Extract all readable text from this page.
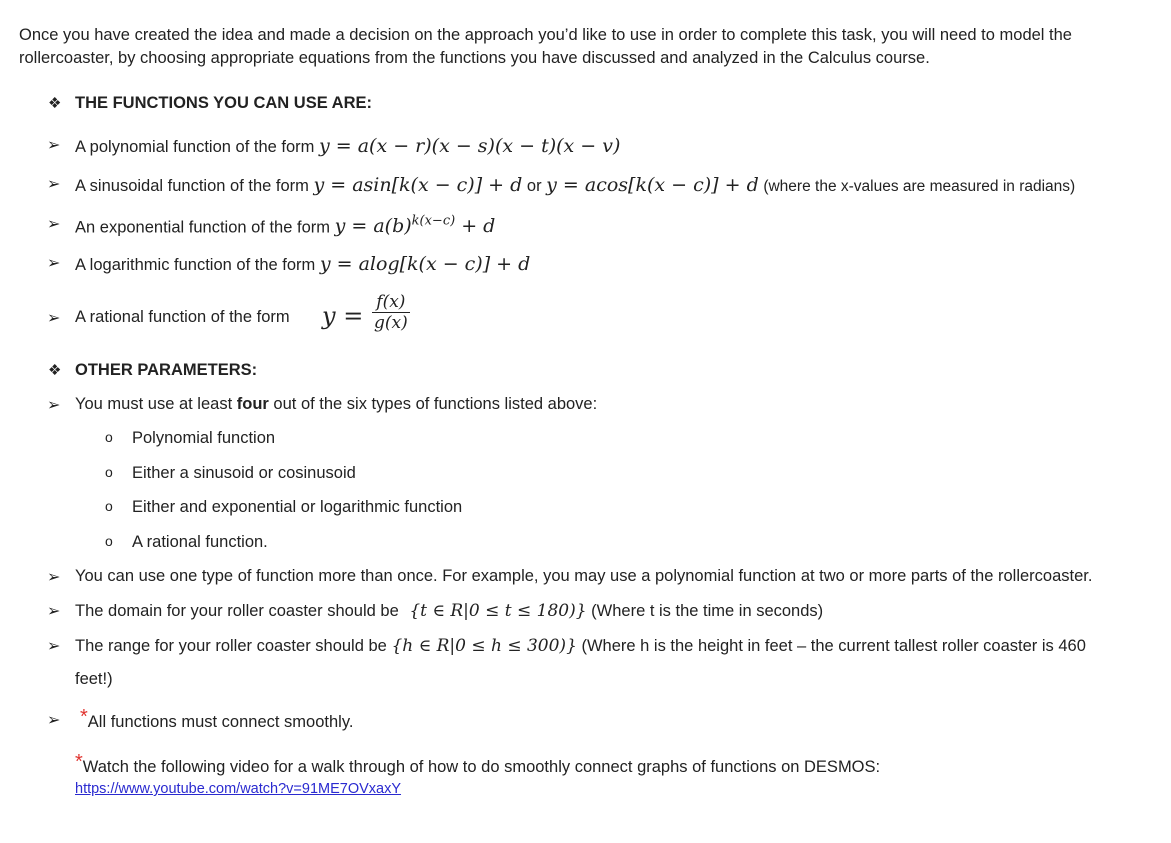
Once you have created the idea and made a decision on the approach you’d like to use in order to complete this task, you will need to model the rollercoaster, by choosing appropriate equations from the functions you have discussed and analyzed in the Calculus course.
❖ THE FUNCTIONS YOU CAN USE ARE:
➢ A polynomial function of the form y = a(x − r)(x − s)(x − t)(x − v)
➢ A sinusoidal function of the form y = asin[k(x − c)] + d or y = acos[k(x − c)] + d (where the x-values are measured in radians)
➢ An exponential function of the form $y = a(b)^{k(x-c)} + d$
➢ A logarithmic function of the form y = alog[k(x − c)] + d
➢ A rational function of the form $y = \frac{f(x)}{g(x)}$
❖ OTHER PARAMETERS:
➢ You must use at least four out of the six types of functions listed above:
o Polynomial function
o Either a sinusoid or cosinusoid
o Either and exponential or logarithmic function
o A rational function.
➢ You can use one type of function more than once. For example, you may use a polynomial function at two or more parts of the rollercoaster.
➢ The domain for your roller coaster should be {t ∈ R|0 ≤ t ≤ 180)} (Where t is the time in seconds)
➢ The range for your roller coaster should be {h ∈ R|0 ≤ h ≤ 300)} (Where h is the height in feet – the current tallest roller coaster is 460
feet!)
➢ *All functions must connect smoothly.
*Watch the following video for a walk through of how to do smoothly connect graphs of functions on DESMOS:
https://www.youtube.com/watch?v=91ME7OVxaxY
